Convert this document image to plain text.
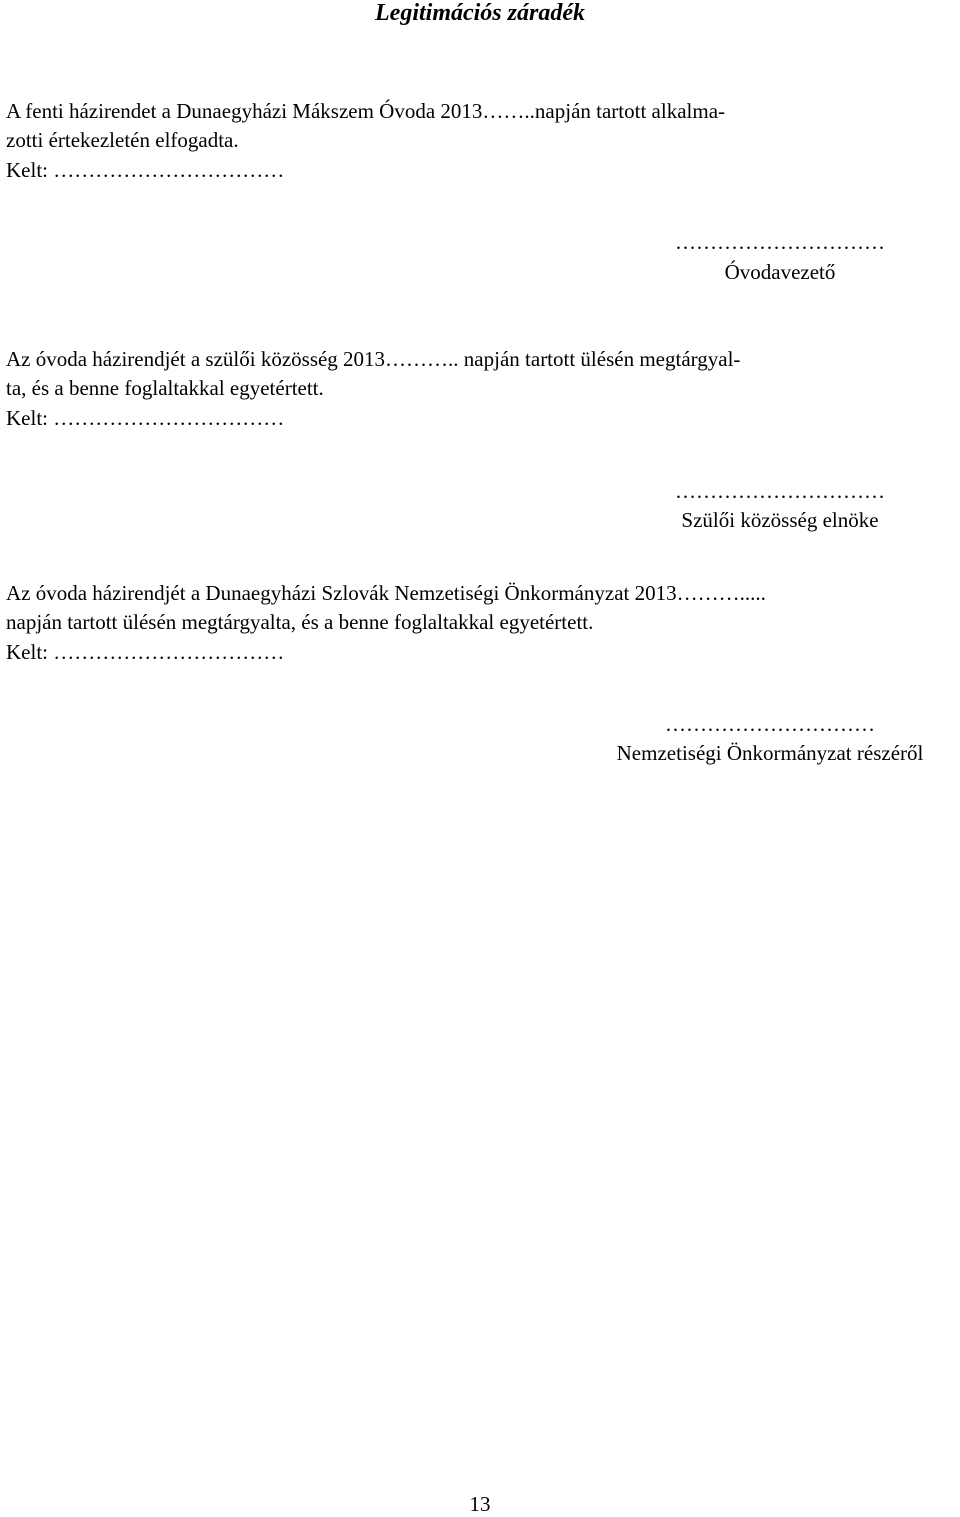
Legitimációs záradék
A fenti házirendet a Dunaegyházi Mákszem Óvoda 2013……..napján tartott alkalma-
zotti értekezletén elfogadta.
Kelt: ……………………………
…………………………
Óvodavezető
Az óvoda házirendjét a szülői közösség 2013……….. napján tartott ülésén megtárgyal-
ta, és a benne foglaltakkal egyetértett.
Kelt: ……………………………
…………………………
Szülői közösség elnöke
Az óvoda házirendjét a Dunaegyházi Szlovák Nemzetiségi Önkormányzat 2013……….....
napján tartott ülésén megtárgyalta, és a benne foglaltakkal egyetértett.
Kelt: ……………………………
…………………………
Nemzetiségi Önkormányzat részéről
13
